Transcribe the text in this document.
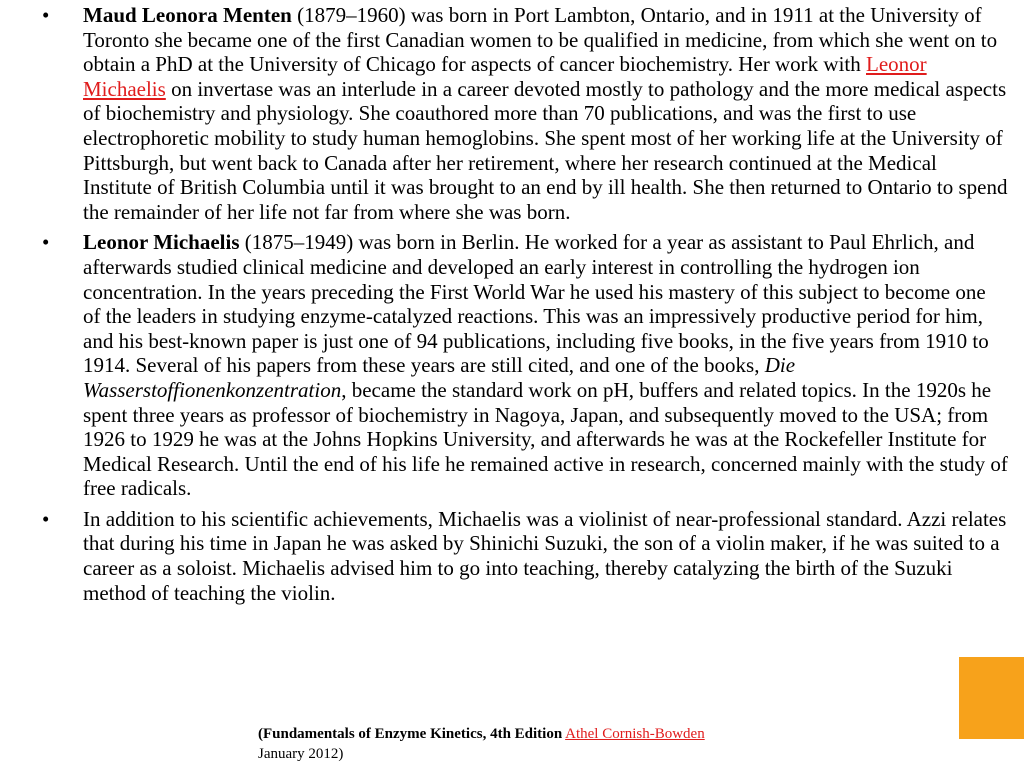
• Maud Leonora Menten (1879–1960) was born in Port Lambton, Ontario, and in 1911 at the University of Toronto she became one of the first Canadian women to be qualified in medicine, from which she went on to obtain a PhD at the University of Chicago for aspects of cancer biochemistry. Her work with Leonor Michaelis on invertase was an interlude in a career devoted mostly to pathology and the more medical aspects of biochemistry and physiology. She coauthored more than 70 publications, and was the first to use electrophoretic mobility to study human hemoglobins. She spent most of her working life at the University of Pittsburgh, but went back to Canada after her retirement, where her research continued at the Medical Institute of British Columbia until it was brought to an end by ill health. She then returned to Ontario to spend the remainder of her life not far from where she was born.
• Leonor Michaelis (1875–1949) was born in Berlin. He worked for a year as assistant to Paul Ehrlich, and afterwards studied clinical medicine and developed an early interest in controlling the hydrogen ion concentration. In the years preceding the First World War he used his mastery of this subject to become one of the leaders in studying enzyme-catalyzed reactions. This was an impressively productive period for him, and his best-known paper is just one of 94 publications, including five books, in the five years from 1910 to 1914. Several of his papers from these years are still cited, and one of the books, Die Wasserstoffionenkonzentration, became the standard work on pH, buffers and related topics. In the 1920s he spent three years as professor of biochemistry in Nagoya, Japan, and subsequently moved to the USA; from 1926 to 1929 he was at the Johns Hopkins University, and afterwards he was at the Rockefeller Institute for Medical Research. Until the end of his life he remained active in research, concerned mainly with the study of free radicals.
• In addition to his scientific achievements, Michaelis was a violinist of near-professional standard. Azzi relates that during his time in Japan he was asked by Shinichi Suzuki, the son of a violin maker, if he was suited to a career as a soloist. Michaelis advised him to go into teaching, thereby catalyzing the birth of the Suzuki method of teaching the violin.
(Fundamentals of Enzyme Kinetics, 4th Edition Athel Cornish-Bowden
January 2012)
